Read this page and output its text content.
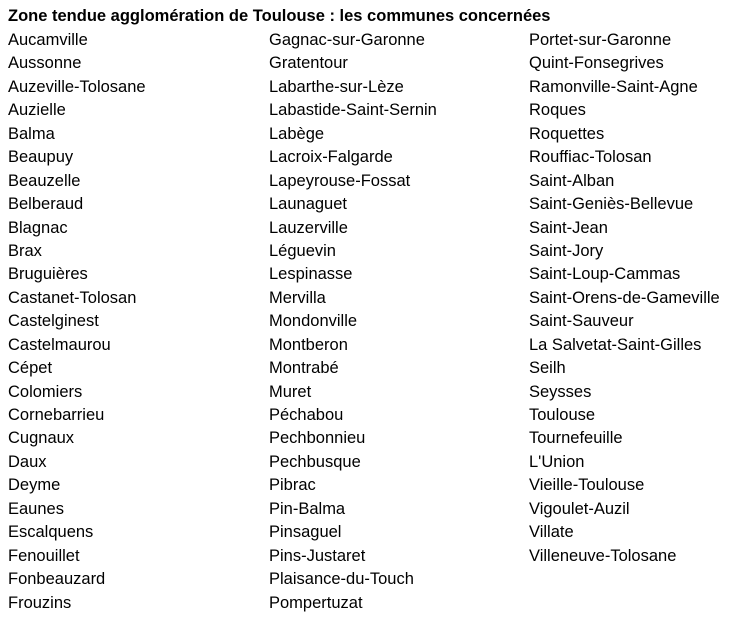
Zone tendue agglomération de Toulouse : les communes concernées
Aucamville
Aussonne
Auzeville-Tolosane
Auzielle
Balma
Beaupuy
Beauzelle
Belberaud
Blagnac
Brax
Bruguières
Castanet-Tolosan
Castelginest
Castelmaurou
Cépet
Colomiers
Cornebarrieu
Cugnaux
Daux
Deyme
Eaunes
Escalquens
Fenouillet
Fonbeauzard
Frouzins
Gagnac-sur-Garonne
Gratentour
Labarthe-sur-Lèze
Labastide-Saint-Sernin
Labège
Lacroix-Falgarde
Lapeyrouse-Fossat
Launaguet
Lauzerville
Léguevin
Lespinasse
Mervilla
Mondonville
Montberon
Montrabé
Muret
Péchabou
Pechbonnieu
Pechbusque
Pibrac
Pin-Balma
Pinsaguel
Pins-Justaret
Plaisance-du-Touch
Pompertuzat
Portet-sur-Garonne
Quint-Fonsegrives
Ramonville-Saint-Agne
Roques
Roquettes
Rouffiac-Tolosan
Saint-Alban
Saint-Geniès-Bellevue
Saint-Jean
Saint-Jory
Saint-Loup-Cammas
Saint-Orens-de-Gameville
Saint-Sauveur
La Salvetat-Saint-Gilles
Seilh
Seysses
Toulouse
Tournefeuille
L'Union
Vieille-Toulouse
Vigoulet-Auzil
Villate
Villeneuve-Tolosane
